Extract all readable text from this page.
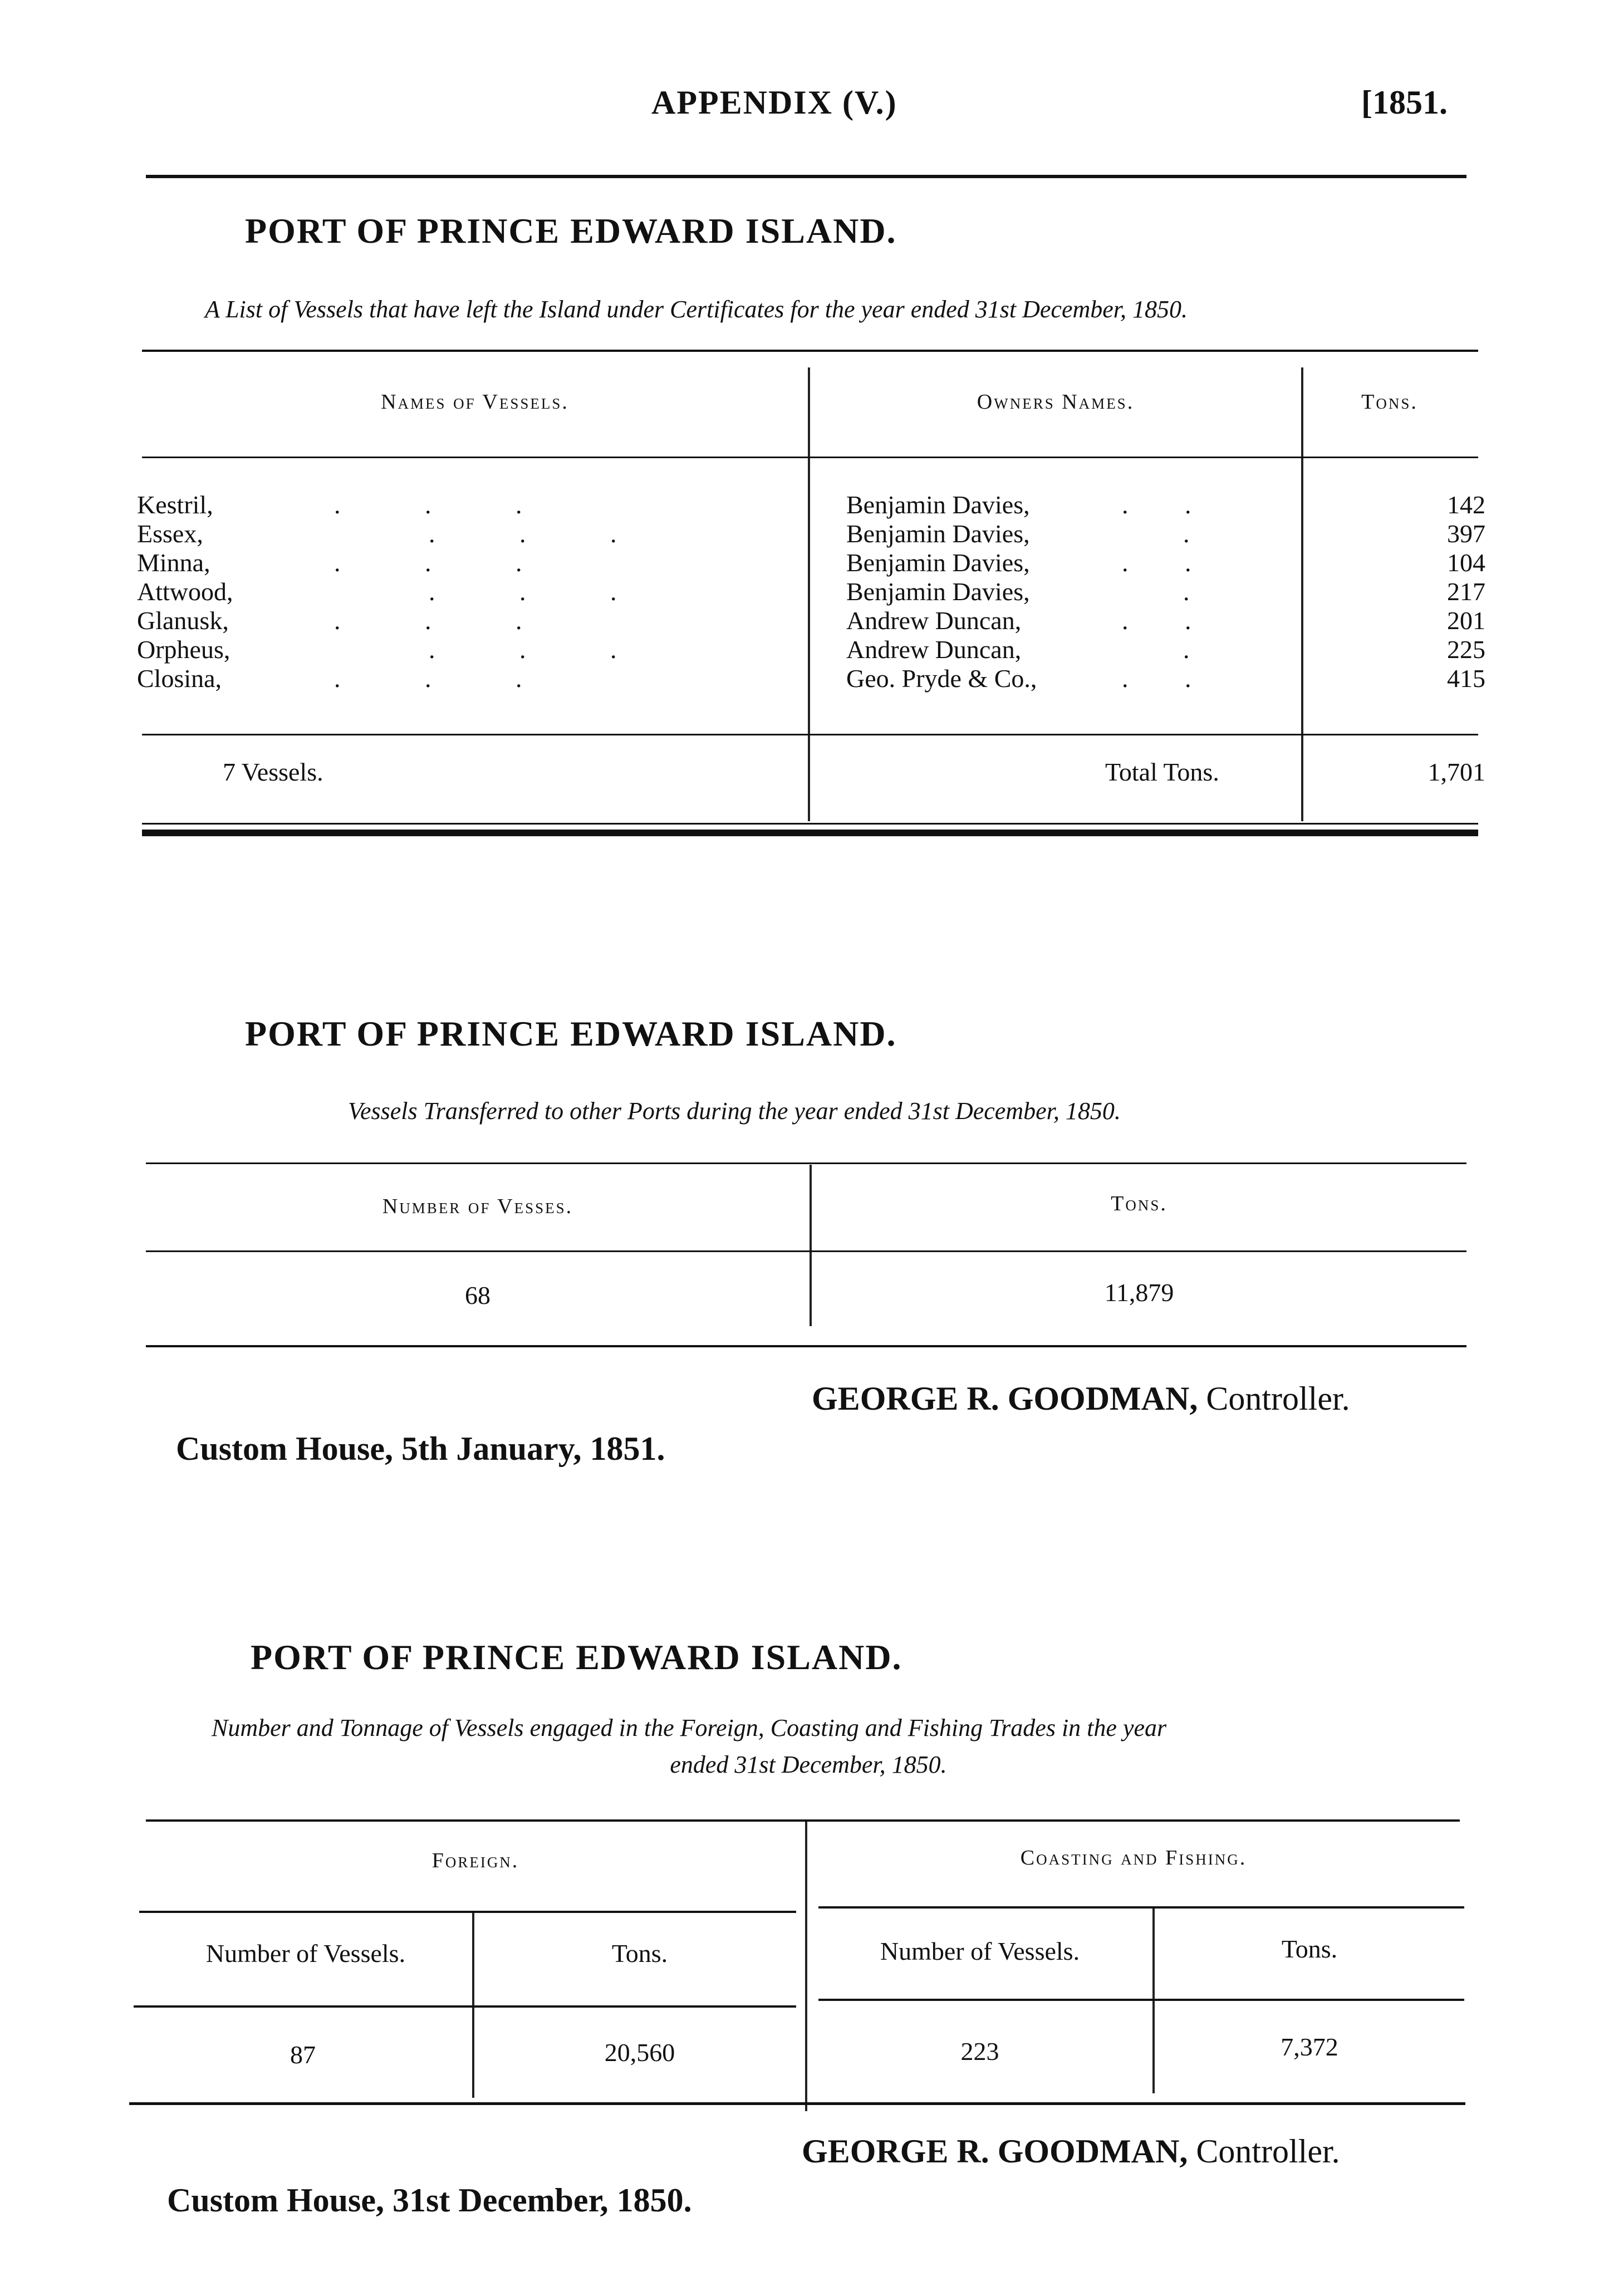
APPENDIX (V.)	[1851.
PORT OF PRINCE EDWARD ISLAND.
A List of Vessels that have left the Island under Certificates for the year ended 31st December, 1850.
Names of Vessels.	Owners Names.	Tons.
Kestril,	. . .	Benjamin Davies,	. .	142
Essex,	. . .	Benjamin Davies,	.	397
Minna,	. . .	Benjamin Davies,	. .	104
Attwood,	. . .	Benjamin Davies,	.	217
Glanusk,	. . .	Andrew Duncan,	. .	201
Orpheus,	. . .	Andrew Duncan,	.	225
Closina,	. . .	Geo. Pryde & Co.,	. .	415
7 Vessels.	Total Tons.	1,701
PORT OF PRINCE EDWARD ISLAND.
Vessels Transferred to other Ports during the year ended 31st December, 1850.
Number of Vesses.	Tons.
68	11,879
GEORGE R. GOODMAN, Controller.
Custom House, 5th January, 1851.
PORT OF PRINCE EDWARD ISLAND.
Number and Tonnage of Vessels engaged in the Foreign, Coasting and Fishing Trades in the year
ended 31st December, 1850.
Foreign.	Coasting and Fishing.
Number of Vessels.	Tons.	Number of Vessels.	Tons.
87	20,560	223	7,372
GEORGE R. GOODMAN, Controller.
Custom House, 31st December, 1850.
